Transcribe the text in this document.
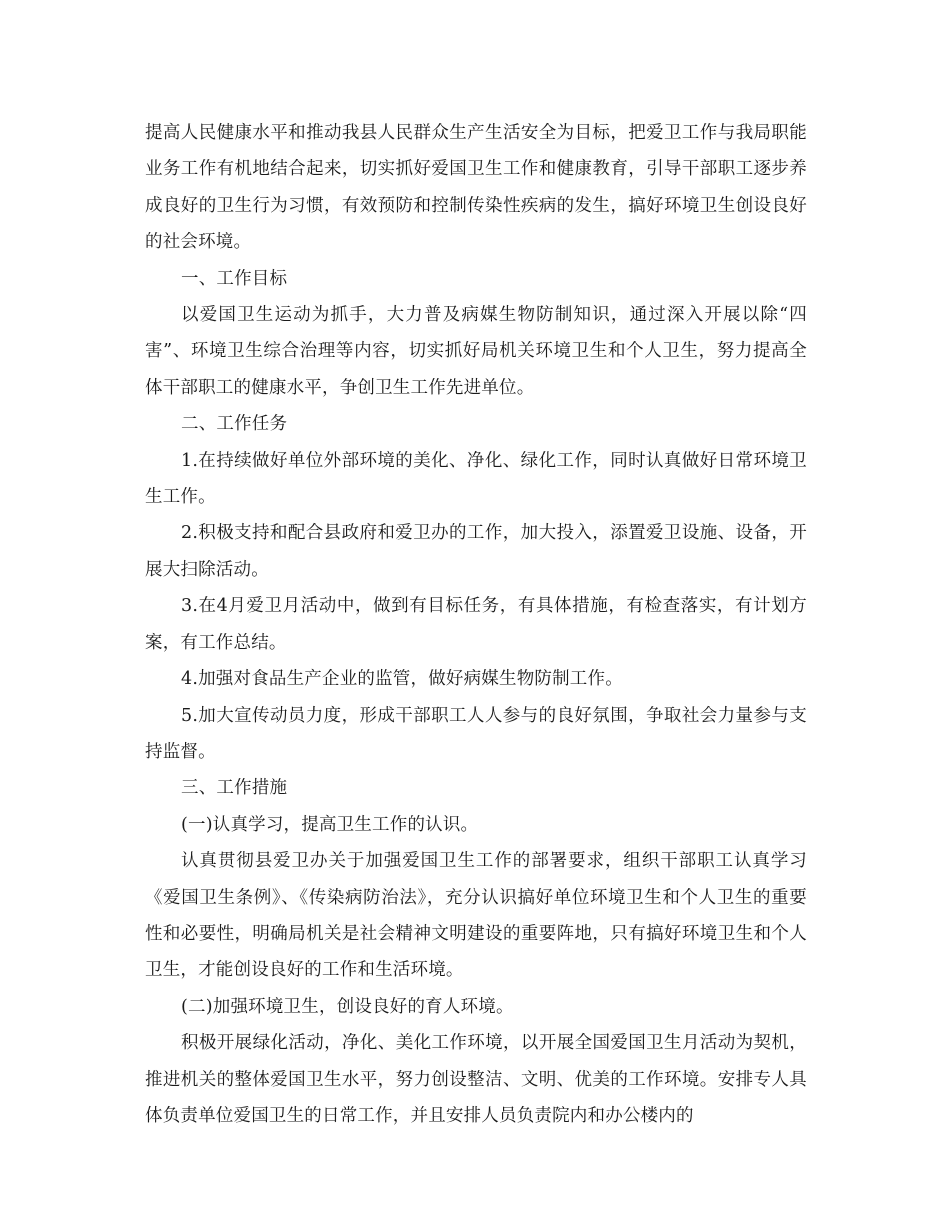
提高人民健康水平和推动我县人民群众生产生活安全为目标，把爱卫工作与我局职能业务工作有机地结合起来，切实抓好爱国卫生工作和健康教育，引导干部职工逐步养成良好的卫生行为习惯，有效预防和控制传染性疾病的发生，搞好环境卫生创设良好的社会环境。

一、工作目标

以爱国卫生运动为抓手，大力普及病媒生物防制知识，通过深入开展以除“四害”、环境卫生综合治理等内容，切实抓好局机关环境卫生和个人卫生，努力提高全体干部职工的健康水平，争创卫生工作先进单位。

二、工作任务

1.在持续做好单位外部环境的美化、净化、绿化工作，同时认真做好日常环境卫生工作。

2.积极支持和配合县政府和爱卫办的工作，加大投入，添置爱卫设施、设备，开展大扫除活动。

3.在4月爱卫月活动中，做到有目标任务，有具体措施，有检查落实，有计划方案，有工作总结。

4.加强对食品生产企业的监管，做好病媒生物防制工作。

5.加大宣传动员力度，形成干部职工人人参与的良好氛围，争取社会力量参与支持监督。

三、工作措施

(一)认真学习，提高卫生工作的认识。

认真贯彻县爱卫办关于加强爱国卫生工作的部署要求，组织干部职工认真学习《爱国卫生条例》、《传染病防治法》，充分认识搞好单位环境卫生和个人卫生的重要性和必要性，明确局机关是社会精神文明建设的重要阵地，只有搞好环境卫生和个人卫生，才能创设良好的工作和生活环境。

(二)加强环境卫生，创设良好的育人环境。

积极开展绿化活动，净化、美化工作环境，以开展全国爱国卫生月活动为契机，推进机关的整体爱国卫生水平，努力创设整洁、文明、优美的工作环境。安排专人具体负责单位爱国卫生的日常工作，并且安排人员负责院内和办公楼内的
